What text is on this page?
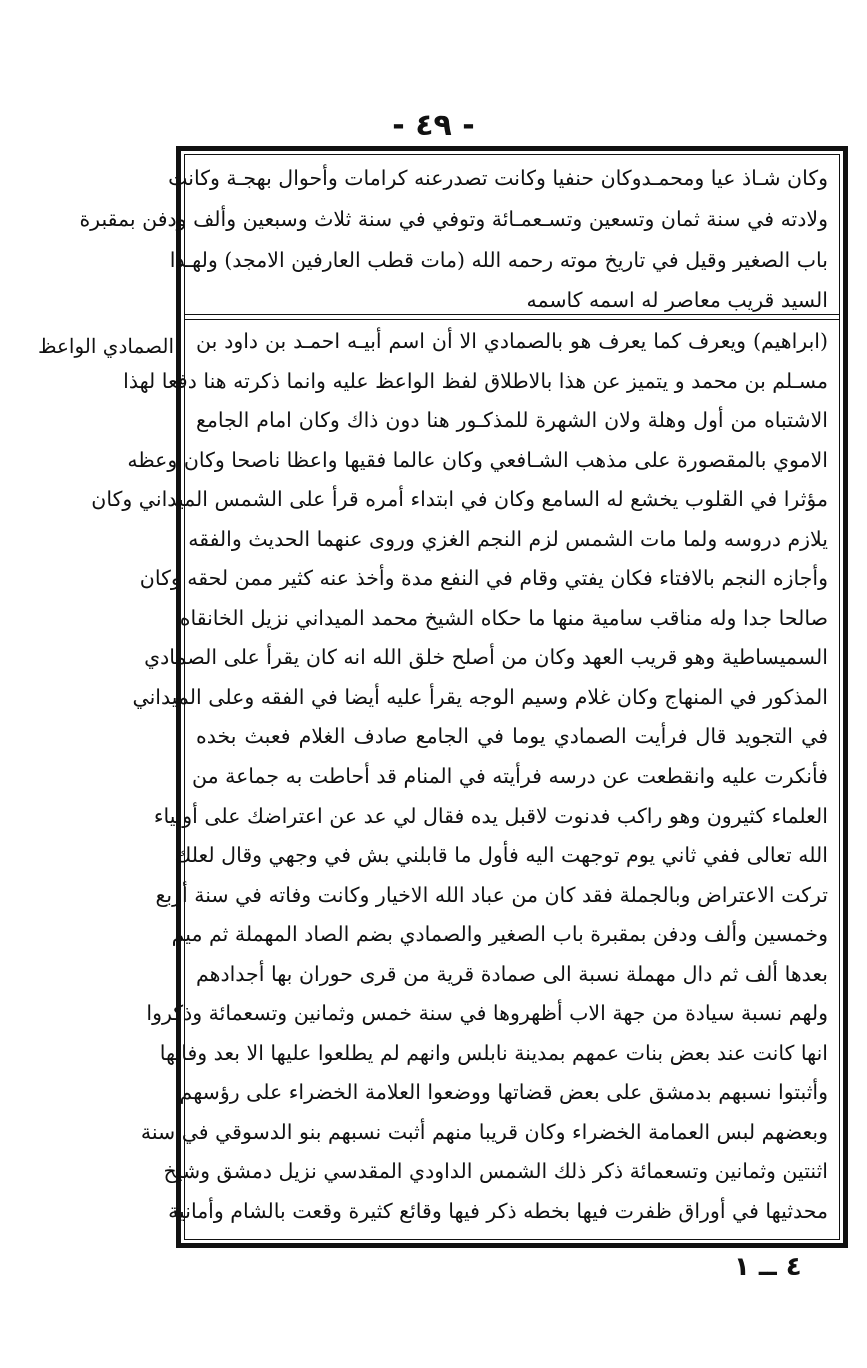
- ٤٩ -
وكان شـاذ عيا ومحمـدوكان حنفيا وكانت تصدرعنه كرامات وأحوال بهجـة وكانت
ولادته في سنة ثمان وتسعين وتسـعمـائة وتوفي في سنة ثلاث وسبعين وألف ودفن بمقبرة
باب الصغير وقيل في تاريخ موته رحمه الله (مات قطب العارفين الامجد) ولهـذا
السيد قريب معاصر له اسمه كاسمه
الصمادي الواعظ (ابراهيم) ويعرف كما يعرف هو بالصمادي الا أن اسم أبيـه احمـد بن داود بن
مسـلم بن محمد و يتميز عن هذا بالاطلاق لفظ الواعظ عليه وانما ذكرته هنا دفعا لهذا
الاشتباه من أول وهلة ولان الشهرة للمذكـور هنا دون ذاك وكان امام الجامع
الاموي بالمقصورة على مذهب الشـافعي وكان عالما فقيها واعظا ناصحا وكان وعظه
مؤثرا في القلوب يخشع له السامع وكان في ابتداء أمره قرأ على الشمس الميداني وكان
يلازم دروسه ولما مات الشمس لزم النجم الغزي وروى عنهما الحديث والفقه
وأجازه النجم بالافتاء فكان يفتي وقام في النفع مدة وأخذ عنه كثير ممن لحقه وكان
صالحا جدا وله مناقب سامية منها ما حكاه الشيخ محمد الميداني نزيل الخانقاه
السميساطية وهو قريب العهد وكان من أصلح خلق الله انه كان يقرأ على الصمادي
المذكور في المنهاج وكان غلام وسيم الوجه يقرأ عليه أيضا في الفقه وعلى الميداني
في التجويد قال فرأيت الصمادي يوما في الجامع صادف الغلام فعبث بخده
فأنكرت عليه وانقطعت عن درسه فرأيته في المنام قد أحاطت به جماعة من
العلماء كثيرون وهو راكب فدنوت لاقبل يده فقال لي عد عن اعتراضك على أولياء
الله تعالى ففي ثاني يوم توجهت اليه فأول ما قابلني بش في وجهي وقال لعلك
تركت الاعتراض وبالجملة فقد كان من عباد الله الاخيار وكانت وفاته في سنة أربع
وخمسين وألف ودفن بمقبرة باب الصغير والصمادي بضم الصاد المهملة ثم ميم
بعدها ألف ثم دال مهملة نسبة الى صمادة قرية من قرى حوران بها أجدادهم
ولهم نسبة سيادة من جهة الاب أظهروها في سنة خمس وثمانين وتسعمائة وذكروا
انها كانت عند بعض بنات عمهم بمدينة نابلس وانهم لم يطلعوا عليها الا بعد وفاتها
وأثبتوا نسبهم بدمشق على بعض قضاتها ووضعوا العلامة الخضراء على رؤسهم
وبعضهم لبس العمامة الخضراء وكان قريبا منهم أثبت نسبهم بنو الدسوقي في سنة
اثنتين وثمانين وتسعمائة ذكر ذلك الشمس الداودي المقدسي نزيل دمشق وشيخ
محدثيها في أوراق ظفرت فيها بخطه ذكر فيها وقائع كثيرة وقعت بالشام وأمانية
٤ ــ ١
